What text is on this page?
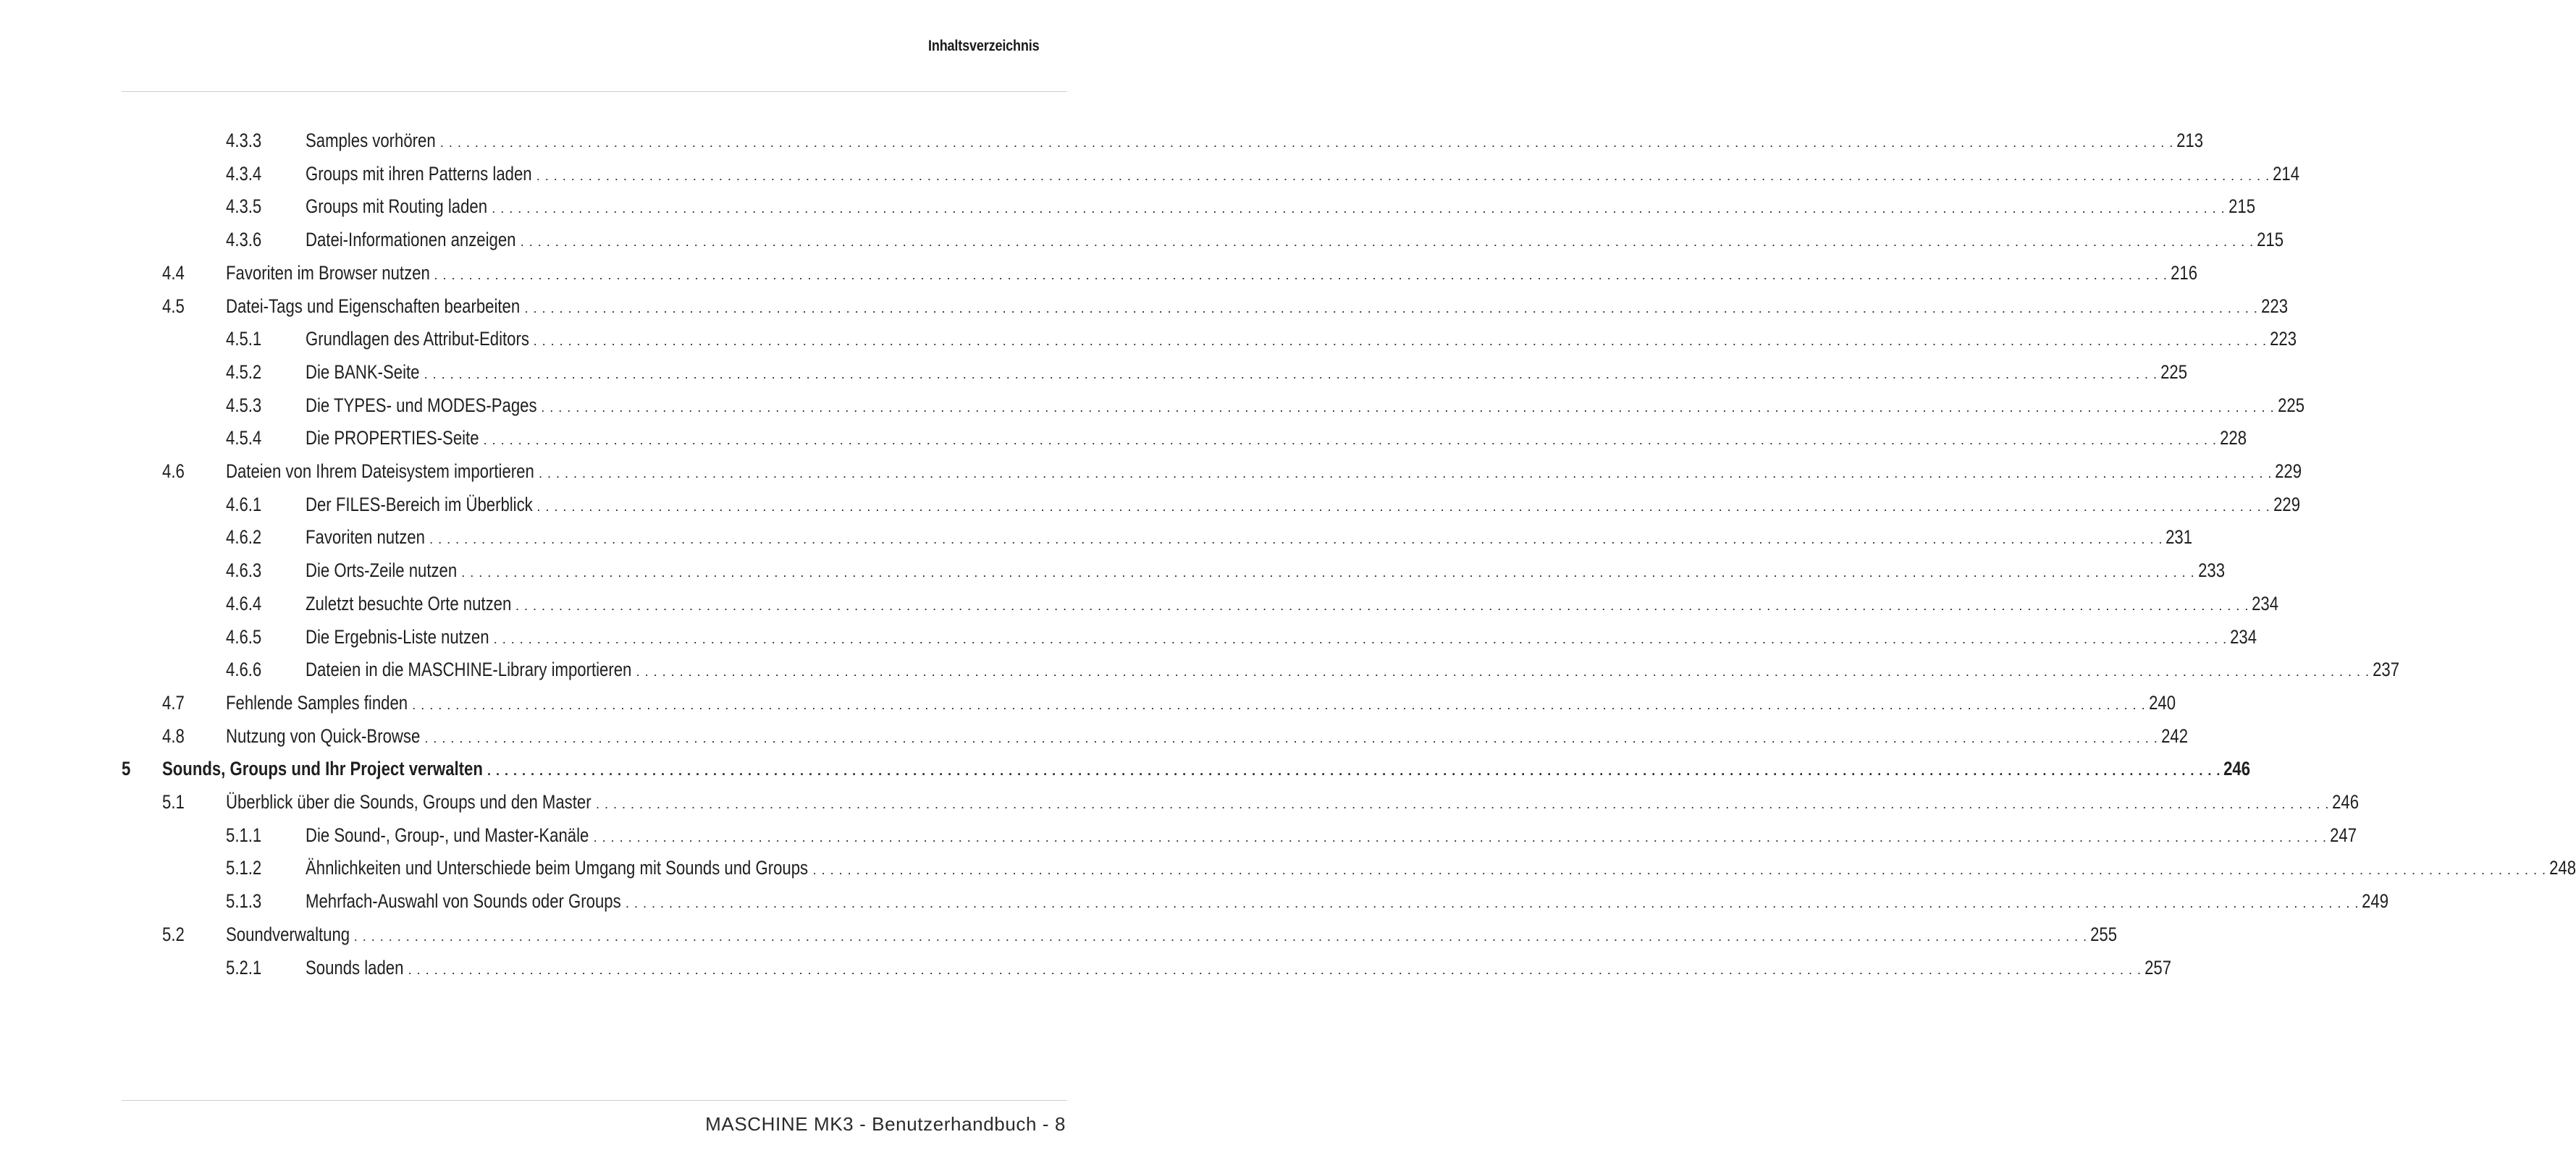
Inhaltsverzeichnis
4.3.3 Samples vorhören . . . . . . . . . . . . . . . . . . . . . . . . . . . . . . . . . . . . . . . . . . . . . . . . . . . . . . . . . . . . . . . . . . . . . . . . . . . . . . . . . . . . . . . . . . . . . . . . . . . . . . . . . . . . . . . . . . . . . . . . . . . . . . . . . . . . . . . . . . . . . . . . . . . . . . . . . . . . . . . . . . . . . . . . . . . . . . . . . . . . . . . . . . . . . . . . . . . . . . . . 213
4.3.4 Groups mit ihren Patterns laden . . . . . . . . . . . . . . . . . . . . . . . . . . . . . . . . . . . . . . . . . . . . . . . . . . . . . . . . . . . . . . . . . . . . . . . . . . . . . . . . . . . . . . . . . . . . . . . . . . . . . . . . . . . . . . . . . . . . . . . . . . . . . . . . . . . . . . . . . . . . . . . . . . . . . . . . . . . . . . . . . . . . . . . . . . . . . . . . . . . . . . . . . . . . . . . . . . . . . . . . 214
4.3.5 Groups mit Routing laden . . . . . . . . . . . . . . . . . . . . . . . . . . . . . . . . . . . . . . . . . . . . . . . . . . . . . . . . . . . . . . . . . . . . . . . . . . . . . . . . . . . . . . . . . . . . . . . . . . . . . . . . . . . . . . . . . . . . . . . . . . . . . . . . . . . . . . . . . . . . . . . . . . . . . . . . . . . . . . . . . . . . . . . . . . . . . . . . . . . . . . . . . . . . . . . . . . . . . . . . 215
4.3.6 Datei-Informationen anzeigen . . . . . . . . . . . . . . . . . . . . . . . . . . . . . . . . . . . . . . . . . . . . . . . . . . . . . . . . . . . . . . . . . . . . . . . . . . . . . . . . . . . . . . . . . . . . . . . . . . . . . . . . . . . . . . . . . . . . . . . . . . . . . . . . . . . . . . . . . . . . . . . . . . . . . . . . . . . . . . . . . . . . . . . . . . . . . . . . . . . . . . . . . . . . . . . . . . . . . . . . 215
4.4 Favoriten im Browser nutzen . . . . . . . . . . . . . . . . . . . . . . . . . . . . . . . . . . . . . . . . . . . . . . . . . . . . . . . . . . . . . . . . . . . . . . . . . . . . . . . . . . . . . . . . . . . . . . . . . . . . . . . . . . . . . . . . . . . . . . . . . . . . . . . . . . . . . . . . . . . . . . . . . . . . . . . . . . . . . . . . . . . . . . . . . . . . . . . . . . . . . . . . . . . . . . . . . . . . . . . . 216
4.5 Datei-Tags und Eigenschaften bearbeiten . . . . . . . . . . . . . . . . . . . . . . . . . . . . . . . . . . . . . . . . . . . . . . . . . . . . . . . . . . . . . . . . . . . . . . . . . . . . . . . . . . . . . . . . . . . . . . . . . . . . . . . . . . . . . . . . . . . . . . . . . . . . . . . . . . . . . . . . . . . . . . . . . . . . . . . . . . . . . . . . . . . . . . . . . . . . . . . . . . . . . . . . . . . . . . . . . . . . . . . . 223
4.5.1 Grundlagen des Attribut-Editors . . . . . . . . . . . . . . . . . . . . . . . . . . . . . . . . . . . . . . . . . . . . . . . . . . . . . . . . . . . . . . . . . . . . . . . . . . . . . . . . . . . . . . . . . . . . . . . . . . . . . . . . . . . . . . . . . . . . . . . . . . . . . . . . . . . . . . . . . . . . . . . . . . . . . . . . . . . . . . . . . . . . . . . . . . . . . . . . . . . . . . . . . . . . . . . . . . . . . . . . 223
4.5.2 Die BANK-Seite . . . . . . . . . . . . . . . . . . . . . . . . . . . . . . . . . . . . . . . . . . . . . . . . . . . . . . . . . . . . . . . . . . . . . . . . . . . . . . . . . . . . . . . . . . . . . . . . . . . . . . . . . . . . . . . . . . . . . . . . . . . . . . . . . . . . . . . . . . . . . . . . . . . . . . . . . . . . . . . . . . . . . . . . . . . . . . . . . . . . . . . . . . . . . . . . . . . . . . . . 225
4.5.3 Die TYPES- und MODES-Pages . . . . . . . . . . . . . . . . . . . . . . . . . . . . . . . . . . . . . . . . . . . . . . . . . . . . . . . . . . . . . . . . . . . . . . . . . . . . . . . . . . . . . . . . . . . . . . . . . . . . . . . . . . . . . . . . . . . . . . . . . . . . . . . . . . . . . . . . . . . . . . . . . . . . . . . . . . . . . . . . . . . . . . . . . . . . . . . . . . . . . . . . . . . . . . . . . . . . . . . . 225
4.5.4 Die PROPERTIES-Seite . . . . . . . . . . . . . . . . . . . . . . . . . . . . . . . . . . . . . . . . . . . . . . . . . . . . . . . . . . . . . . . . . . . . . . . . . . . . . . . . . . . . . . . . . . . . . . . . . . . . . . . . . . . . . . . . . . . . . . . . . . . . . . . . . . . . . . . . . . . . . . . . . . . . . . . . . . . . . . . . . . . . . . . . . . . . . . . . . . . . . . . . . . . . . . . . . . . . . . . . 228
4.6 Dateien von Ihrem Dateisystem importieren . . . . . . . . . . . . . . . . . . . . . . . . . . . . . . . . . . . . . . . . . . . . . . . . . . . . . . . . . . . . . . . . . . . . . . . . . . . . . . . . . . . . . . . . . . . . . . . . . . . . . . . . . . . . . . . . . . . . . . . . . . . . . . . . . . . . . . . . . . . . . . . . . . . . . . . . . . . . . . . . . . . . . . . . . . . . . . . . . . . . . . . . . . . . . . . . . . . . . . . . 229
4.6.1 Der FILES-Bereich im Überblick . . . . . . . . . . . . . . . . . . . . . . . . . . . . . . . . . . . . . . . . . . . . . . . . . . . . . . . . . . . . . . . . . . . . . . . . . . . . . . . . . . . . . . . . . . . . . . . . . . . . . . . . . . . . . . . . . . . . . . . . . . . . . . . . . . . . . . . . . . . . . . . . . . . . . . . . . . . . . . . . . . . . . . . . . . . . . . . . . . . . . . . . . . . . . . . . . . . . . . . . 229
4.6.2 Favoriten nutzen . . . . . . . . . . . . . . . . . . . . . . . . . . . . . . . . . . . . . . . . . . . . . . . . . . . . . . . . . . . . . . . . . . . . . . . . . . . . . . . . . . . . . . . . . . . . . . . . . . . . . . . . . . . . . . . . . . . . . . . . . . . . . . . . . . . . . . . . . . . . . . . . . . . . . . . . . . . . . . . . . . . . . . . . . . . . . . . . . . . . . . . . . . . . . . . . . . . . . . . . 231
4.6.3 Die Orts-Zeile nutzen . . . . . . . . . . . . . . . . . . . . . . . . . . . . . . . . . . . . . . . . . . . . . . . . . . . . . . . . . . . . . . . . . . . . . . . . . . . . . . . . . . . . . . . . . . . . . . . . . . . . . . . . . . . . . . . . . . . . . . . . . . . . . . . . . . . . . . . . . . . . . . . . . . . . . . . . . . . . . . . . . . . . . . . . . . . . . . . . . . . . . . . . . . . . . . . . . . . . . . . . 233
4.6.4 Zuletzt besuchte Orte nutzen . . . . . . . . . . . . . . . . . . . . . . . . . . . . . . . . . . . . . . . . . . . . . . . . . . . . . . . . . . . . . . . . . . . . . . . . . . . . . . . . . . . . . . . . . . . . . . . . . . . . . . . . . . . . . . . . . . . . . . . . . . . . . . . . . . . . . . . . . . . . . . . . . . . . . . . . . . . . . . . . . . . . . . . . . . . . . . . . . . . . . . . . . . . . . . . . . . . . . . . . 234
4.6.5 Die Ergebnis-Liste nutzen . . . . . . . . . . . . . . . . . . . . . . . . . . . . . . . . . . . . . . . . . . . . . . . . . . . . . . . . . . . . . . . . . . . . . . . . . . . . . . . . . . . . . . . . . . . . . . . . . . . . . . . . . . . . . . . . . . . . . . . . . . . . . . . . . . . . . . . . . . . . . . . . . . . . . . . . . . . . . . . . . . . . . . . . . . . . . . . . . . . . . . . . . . . . . . . . . . . . . . . . 234
4.6.6 Dateien in die MASCHINE-Library importieren . . . . . . . . . . . . . . . . . . . . . . . . . . . . . . . . . . . . . . . . . . . . . . . . . . . . . . . . . . . . . . . . . . . . . . . . . . . . . . . . . . . . . . . . . . . . . . . . . . . . . . . . . . . . . . . . . . . . . . . . . . . . . . . . . . . . . . . . . . . . . . . . . . . . . . . . . . . . . . . . . . . . . . . . . . . . . . . . . . . . . . . . . . . . . . . . . . . . . . . . 237
4.7 Fehlende Samples finden . . . . . . . . . . . . . . . . . . . . . . . . . . . . . . . . . . . . . . . . . . . . . . . . . . . . . . . . . . . . . . . . . . . . . . . . . . . . . . . . . . . . . . . . . . . . . . . . . . . . . . . . . . . . . . . . . . . . . . . . . . . . . . . . . . . . . . . . . . . . . . . . . . . . . . . . . . . . . . . . . . . . . . . . . . . . . . . . . . . . . . . . . . . . . . . . . . . . . . . . 240
4.8 Nutzung von Quick-Browse . . . . . . . . . . . . . . . . . . . . . . . . . . . . . . . . . . . . . . . . . . . . . . . . . . . . . . . . . . . . . . . . . . . . . . . . . . . . . . . . . . . . . . . . . . . . . . . . . . . . . . . . . . . . . . . . . . . . . . . . . . . . . . . . . . . . . . . . . . . . . . . . . . . . . . . . . . . . . . . . . . . . . . . . . . . . . . . . . . . . . . . . . . . . . . . . . . . . . . . . 242
5 Sounds, Groups und Ihr Project verwalten . . . . . . . . . . . . . . . . . . . . . . . . . . . . . . . . . . . . . . . . . . . . . . . . . . . . . . . . . . . . . . . . . . . . . . . . . . . . . . . . . . . . . . . . . . . . . . . . . . . . . . . . . . . . . . . . . . . . . . . . . . . . . . . . . . . . . . . . . . . . . . . . . . . . . . . . . . . . . . . . . . . . . . . . . . . . . . . . . . . . . . . . . . . . . . . . . . . . . . . . 246
5.1 Überblick über die Sounds, Groups und den Master . . . . . . . . . . . . . . . . . . . . . . . . . . . . . . . . . . . . . . . . . . . . . . . . . . . . . . . . . . . . . . . . . . . . . . . . . . . . . . . . . . . . . . . . . . . . . . . . . . . . . . . . . . . . . . . . . . . . . . . . . . . . . . . . . . . . . . . . . . . . . . . . . . . . . . . . . . . . . . . . . . . . . . . . . . . . . . . . . . . . . . . . . . . . . . . . . . . . . . . . 246
5.1.1 Die Sound-, Group-, und Master-Kanäle . . . . . . . . . . . . . . . . . . . . . . . . . . . . . . . . . . . . . . . . . . . . . . . . . . . . . . . . . . . . . . . . . . . . . . . . . . . . . . . . . . . . . . . . . . . . . . . . . . . . . . . . . . . . . . . . . . . . . . . . . . . . . . . . . . . . . . . . . . . . . . . . . . . . . . . . . . . . . . . . . . . . . . . . . . . . . . . . . . . . . . . . . . . . . . . . . . . . . . . . 247
5.1.2 Ähnlichkeiten und Unterschiede beim Umgang mit Sounds und Groups . . . . . . . . . . . . . . . . . . . . . . . . . . . . . . . . . . . . . . . . . . . . . . . . . . . . . . . . . . . . . . . . . . . . . . . . . . . . . . . . . . . . . . . . . . . . . . . . . . . . . . . . . . . . . . . . . . . . . . . . . . . . . . . . . . . . . . . . . . . . . . . . . . . . . . . . . . . . . . . . . . . . . . . . . . . . . . . . . . . . . . . . . . . . . . . . . . . . . . . . 248
5.1.3 Mehrfach-Auswahl von Sounds oder Groups . . . . . . . . . . . . . . . . . . . . . . . . . . . . . . . . . . . . . . . . . . . . . . . . . . . . . . . . . . . . . . . . . . . . . . . . . . . . . . . . . . . . . . . . . . . . . . . . . . . . . . . . . . . . . . . . . . . . . . . . . . . . . . . . . . . . . . . . . . . . . . . . . . . . . . . . . . . . . . . . . . . . . . . . . . . . . . . . . . . . . . . . . . . . . . . . . . . . . . . . 249
5.2 Soundverwaltung . . . . . . . . . . . . . . . . . . . . . . . . . . . . . . . . . . . . . . . . . . . . . . . . . . . . . . . . . . . . . . . . . . . . . . . . . . . . . . . . . . . . . . . . . . . . . . . . . . . . . . . . . . . . . . . . . . . . . . . . . . . . . . . . . . . . . . . . . . . . . . . . . . . . . . . . . . . . . . . . . . . . . . . . . . . . . . . . . . . . . . . . . . . . . . . . . . . . . . . . 255
5.2.1 Sounds laden . . . . . . . . . . . . . . . . . . . . . . . . . . . . . . . . . . . . . . . . . . . . . . . . . . . . . . . . . . . . . . . . . . . . . . . . . . . . . . . . . . . . . . . . . . . . . . . . . . . . . . . . . . . . . . . . . . . . . . . . . . . . . . . . . . . . . . . . . . . . . . . . . . . . . . . . . . . . . . . . . . . . . . . . . . . . . . . . . . . . . . . . . . . . . . . . . . . . . . . . 257
MASCHINE MK3 - Benutzerhandbuch - 8
